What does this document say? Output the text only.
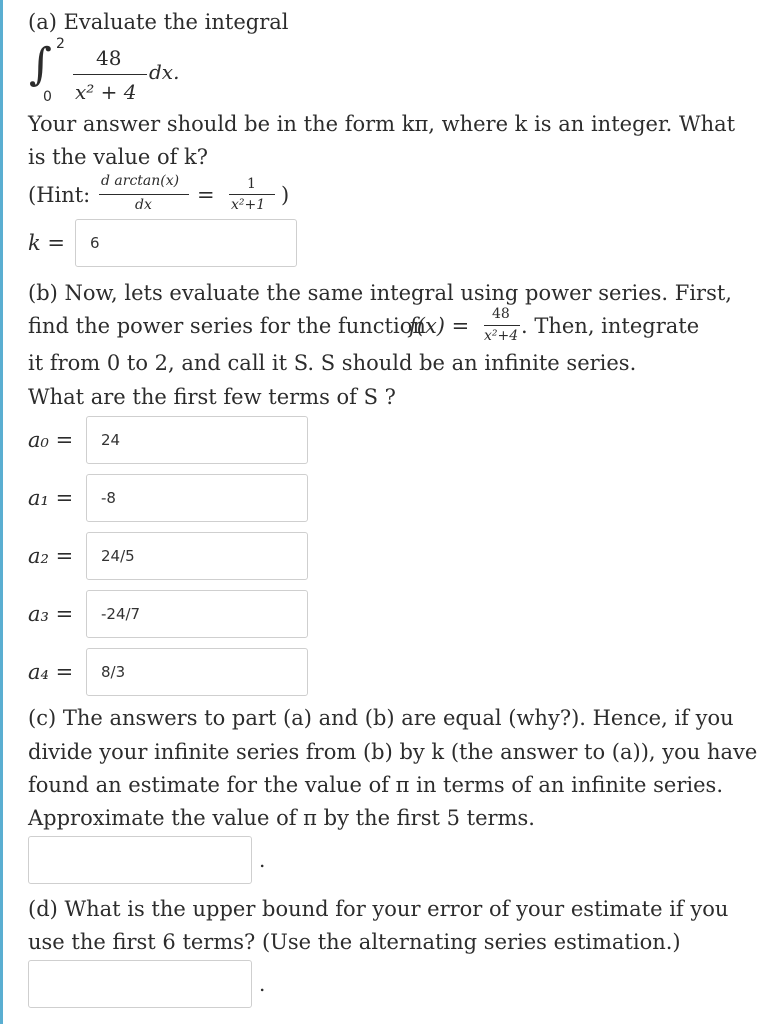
(a) Evaluate the integral
∫ 2
0
48
x² + 4
dx.
Your answer should be in the form kπ, where k is an integer. What
is the value of k?
(Hint:
d arctan(x)
dx = 1
x²+1 )
k =	6
(b) Now, lets evaluate the same integral using power series. First,
find the power series for the function
f(x) = 48
x²+4 . Then, integrate
it from 0 to 2, and call it S. S should be an infinite series.
What are the first few terms of S ?
a₀ =	24
a₁ =	-8
a₂ =	24/5
a₃ =	-24/7
a₄ =	8/3
(c) The answers to part (a) and (b) are equal (why?). Hence, if you
divide your infinite series from (b) by k (the answer to (a)), you have
found an estimate for the value of π in terms of an infinite series.
Approximate the value of π by the first 5 terms.
.
(d) What is the upper bound for your error of your estimate if you
use the first 6 terms? (Use the alternating series estimation.)
.
